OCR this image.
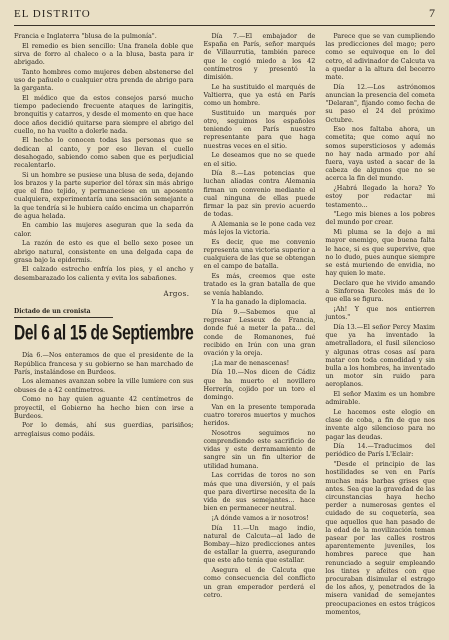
EL DISTRITO	7

Francia e Inglaterra "blusa de la pulmonía".

El remedio es bien sencillo: Una franela doble que sirva de forro al chaleco o a la blusa, basta para ir abrigado.

Tanto hombres como mujeres deben abstenerse del uso de pañuelo o cualquier otra prenda de abrigo para la garganta.

El médico que da estos consejos parsó mucho tiempo padeciendo frecuente ataques de laringitis, bronquitis y catarros, y desde el momento en que hace doce años decidió quitarse para siempre el abrigo del cuello, no ha vuelto a dolerle nada.

El hecho lo conocen todas las personas que se dedican al canto, y por eso llevan el cuello desahogado, sabiendo como saben que es perjudicial recalentarlo.

Si un hombre se pusiese una blusa de seda, dejando los brazos y la parte superior del tórax sin más abrigo que el fino tejido, y permaneciese en un aposento cualquiera, experimentaría una sensación semejante a la que tendría si le hubiera caído encima un chaparrón de agua helada.

En cambio las mujeres aseguran que la seda da calor.

La razón de esto es que el bello sexo posee un abrigo natural, consistente en una delgada capa de grasa bajo la epidermis.

El calzado estrecho enfría los pies, y el ancho y desembarazado los calienta y evita los sabañones.

Argos.
Dictado de un cronista
Del 6 al 15 de Septiembre

Día 6.—Nos enteramos de que el presidente de la República francesa y su gobierno se han marchado de París, instalándose en Burdeos.

Los alemanes avanzan sobre la ville lumiere con sus obuses de a 42 centímetros.

Como no hay quien aguante 42 centímetros de proyectil, el Gobierno ha hecho bien con irse a Burdeos.

Por lo demás, ahí sus guerdias, parisiños; arreglaisus como podáis.

Día 7.—El embajador de España en París, señor marqués de Villaurrutia, también parece que le cogió miedo a los 42 centímetros y presentó la dimisión.

Le ha sustituido el marqués de Valtierra, que ya está en París como un hombre.

Sustituido un marqués por otro, seguimos los españoles teniendo en París nuestro representante para que haga nuestras veces en el sitio.

Le deseamos que no se quede en el sitio.

Día 8.—Las potencias que luchan aliadas contra Alemania firman un convenio mediante el cual ninguna de ellas puede firmar la paz sin previo acuerdo de todas.

A Alemania se le pone cada vez más lejos la victoria.

Es decir, que me convenio representa una victoria superior a cualquiera de las que se obtengan en el campo de batalla.

Es más, creemos que este tratado es la gran batalla de que se venía hablando.

Y la ha ganado la diplomacia.

Día 9.—Sabemos que al regresar Lesseux de Francia, donde fué a meter la pata... del conde de Romanones, fué recibido en Irún con una gran ovación y la oreja.

¡La mar de nenascenas!

Día 10.—Nos dicen de Cádiz que ha muerto el novillero Herrerín, cojido por un toro el domingo.

Van en la presente temporada cuatro toreros muertos y muchos heridos.

Nosotros seguimos no comprendiendo este sacrificio de vidas y este derramamiento de sangre sin un fin ulterior de utilidad humana.

Las corridas de toros no son más que una diversión, y el país que para divertirse necesita de la vida de sus semejantes... hace bien en permanecer neutral.

¡A dónde vamos a ir nosotros!

Día 11.—Un mago indio, natural de Calcuta—al lado de Bombay—hizo predicciones antes de estallar la guerra, asegurando que este año tenía que estallar.

Asegura el de Calcuta que como consecuencia del conflicto un gran emperador perderá el cetro.

Parece que se van cumpliendo las predicciones del mago; pero como se equivoque en lo del cetro, el adivinador de Calcuta va a quedar a la altura del becerro mate.

Día 12.—Los astrónomos anuncian la presencia del cometa "Delaran", fijando como fecha de su paso el 24 del próximo Octubre.

Eso nos faltaba ahora, un cometita; que como aquí no somos supersticiosos y además no hay nada armado por ahí fuera, vaya usted a sacar de la cabeza de algunos que no se acerca la fin del mundo.

¿Habrá llegado la hora? Yo estoy por redactar mi testamento...

"Lego mis bienes a los pobres del mundo por crear.

Mi pluma se la dejo a mi mayor enemigo, que buena falta le hace, si es que supervive, que no lo dudo, pues aunque siempre se está muriendo de envidia, no hay quien lo mate.

Declaro que he vivido amando a Sinforosa Recoles más de lo que ella se figura.

¡Ah! Y que nos entierren juntos."

Día 13.—El señor Percy Maxim que ya ha inventado la ametralladora, el fusil silencioso y algunas otras cosas así para matar con toda comodidad y sin bulla a los hombres, ha inventado un motor sin ruido para aeroplanos.

El señor Maxim es un hombre admirable.

Le hacemos este elogio en clase de coba, a fin de que nos invente algo silencioso para no pagar las deudas.

Día 14.—Traducimos del periódico de París L'Eclair:

"Desde el principio de las hostilidades se ven en París muchas más barbas grises que antes. Sea que la gravedad de las circunstancias haya hecho perder a numerosas gentes el cuidado de su coquetería, sea que aquellos que han pasado de la edad de la movilización teman pasear por las calles rostros aparentemente juveniles, los hombres parece que han renunciado a seguir empleando los tintes y afeites con que procuraban disimular el estrago de los años, y, penetrados de la misera vanidad de semejantes preocupaciones en estos trágicos momentos,
